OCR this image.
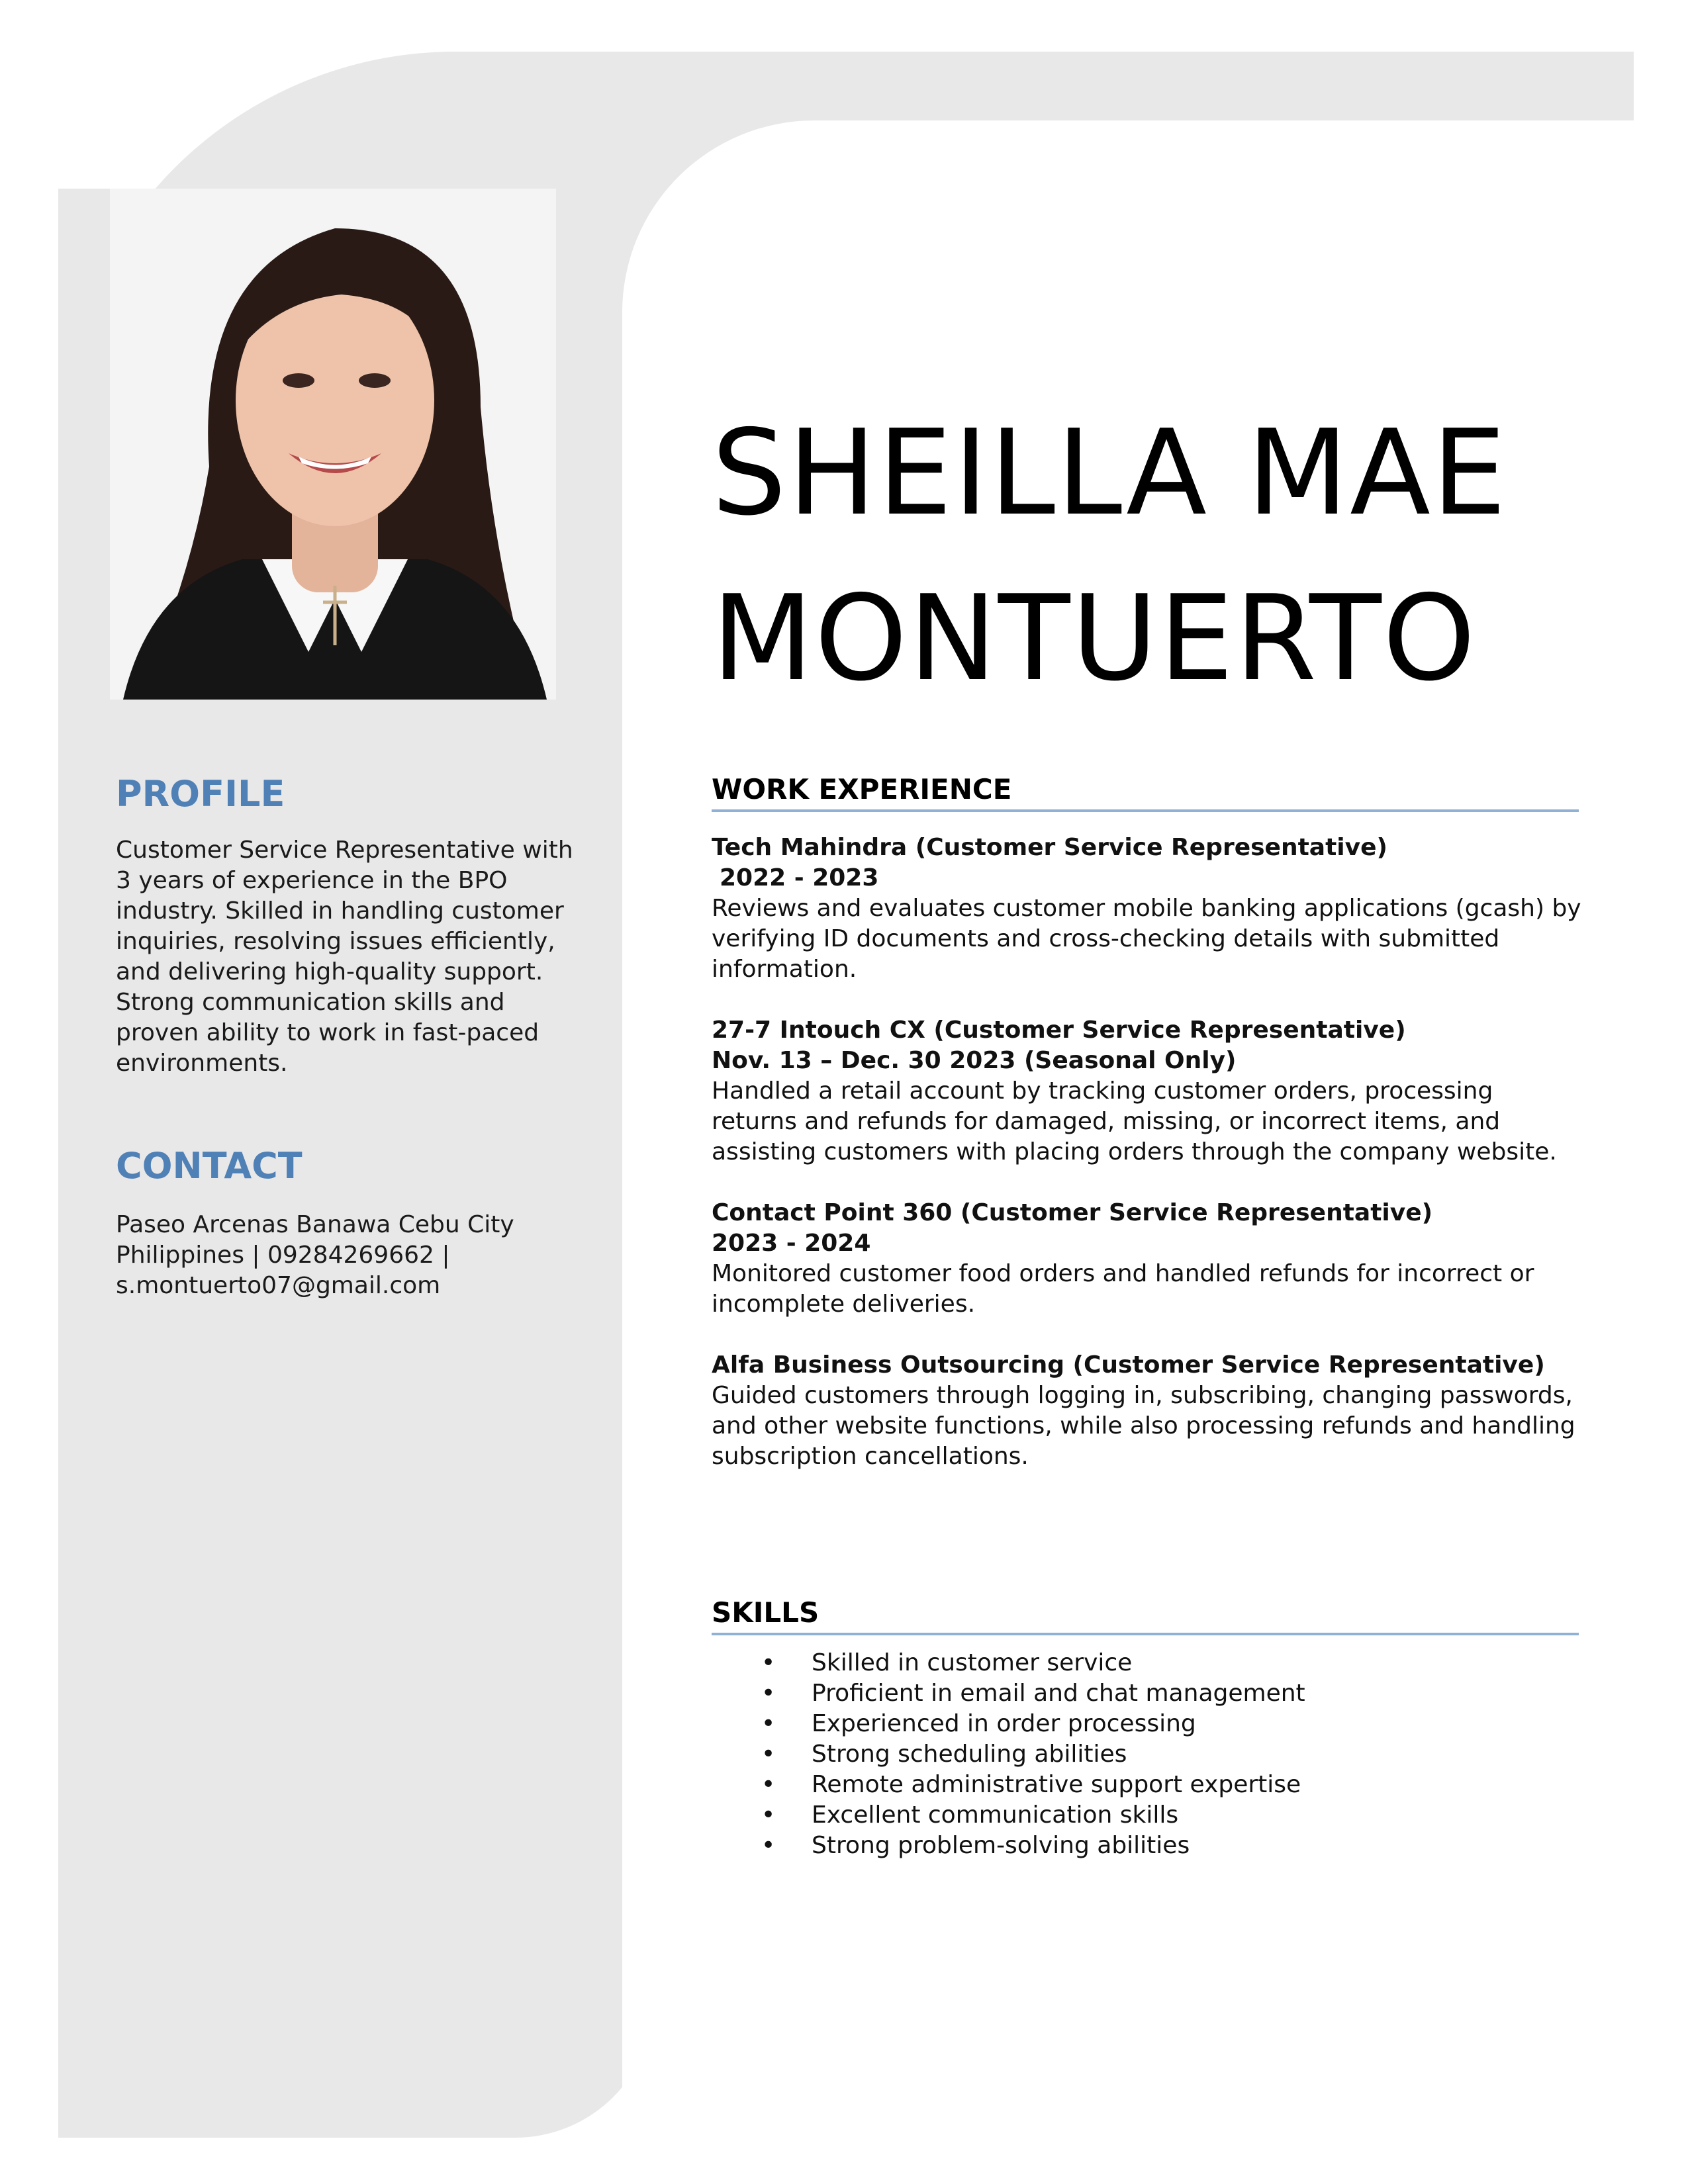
PROFILE

Customer Service Representative with 3 years of experience in the BPO industry. Skilled in handling customer inquiries, resolving issues efficiently, and delivering high-quality support. Strong communication skills and proven ability to work in fast-paced environments.

CONTACT

Paseo Arcenas Banawa Cebu City Philippines | 09284269662 | s.montuerto07@gmail.com

SHEILLA MAE
MONTUERTO
WORK EXPERIENCE
Tech Mahindra (Customer Service Representative)
2022 - 2023
Reviews and evaluates customer mobile banking applications (gcash) by verifying ID documents and cross-checking details with submitted information.
27-7 Intouch CX (Customer Service Representative)
Nov. 13 – Dec. 30 2023 (Seasonal Only)
Handled a retail account by tracking customer orders, processing returns and refunds for damaged, missing, or incorrect items, and assisting customers with placing orders through the company website.
Contact Point 360 (Customer Service Representative)
2023 - 2024
Monitored customer food orders and handled refunds for incorrect or incomplete deliveries.
Alfa Business Outsourcing (Customer Service Representative)
Guided customers through logging in, subscribing, changing passwords, and other website functions, while also processing refunds and handling subscription cancellations.
SKILLS
• Skilled in customer service
• Proficient in email and chat management
• Experienced in order processing
• Strong scheduling abilities
• Remote administrative support expertise
• Excellent communication skills
• Strong problem-solving abilities
